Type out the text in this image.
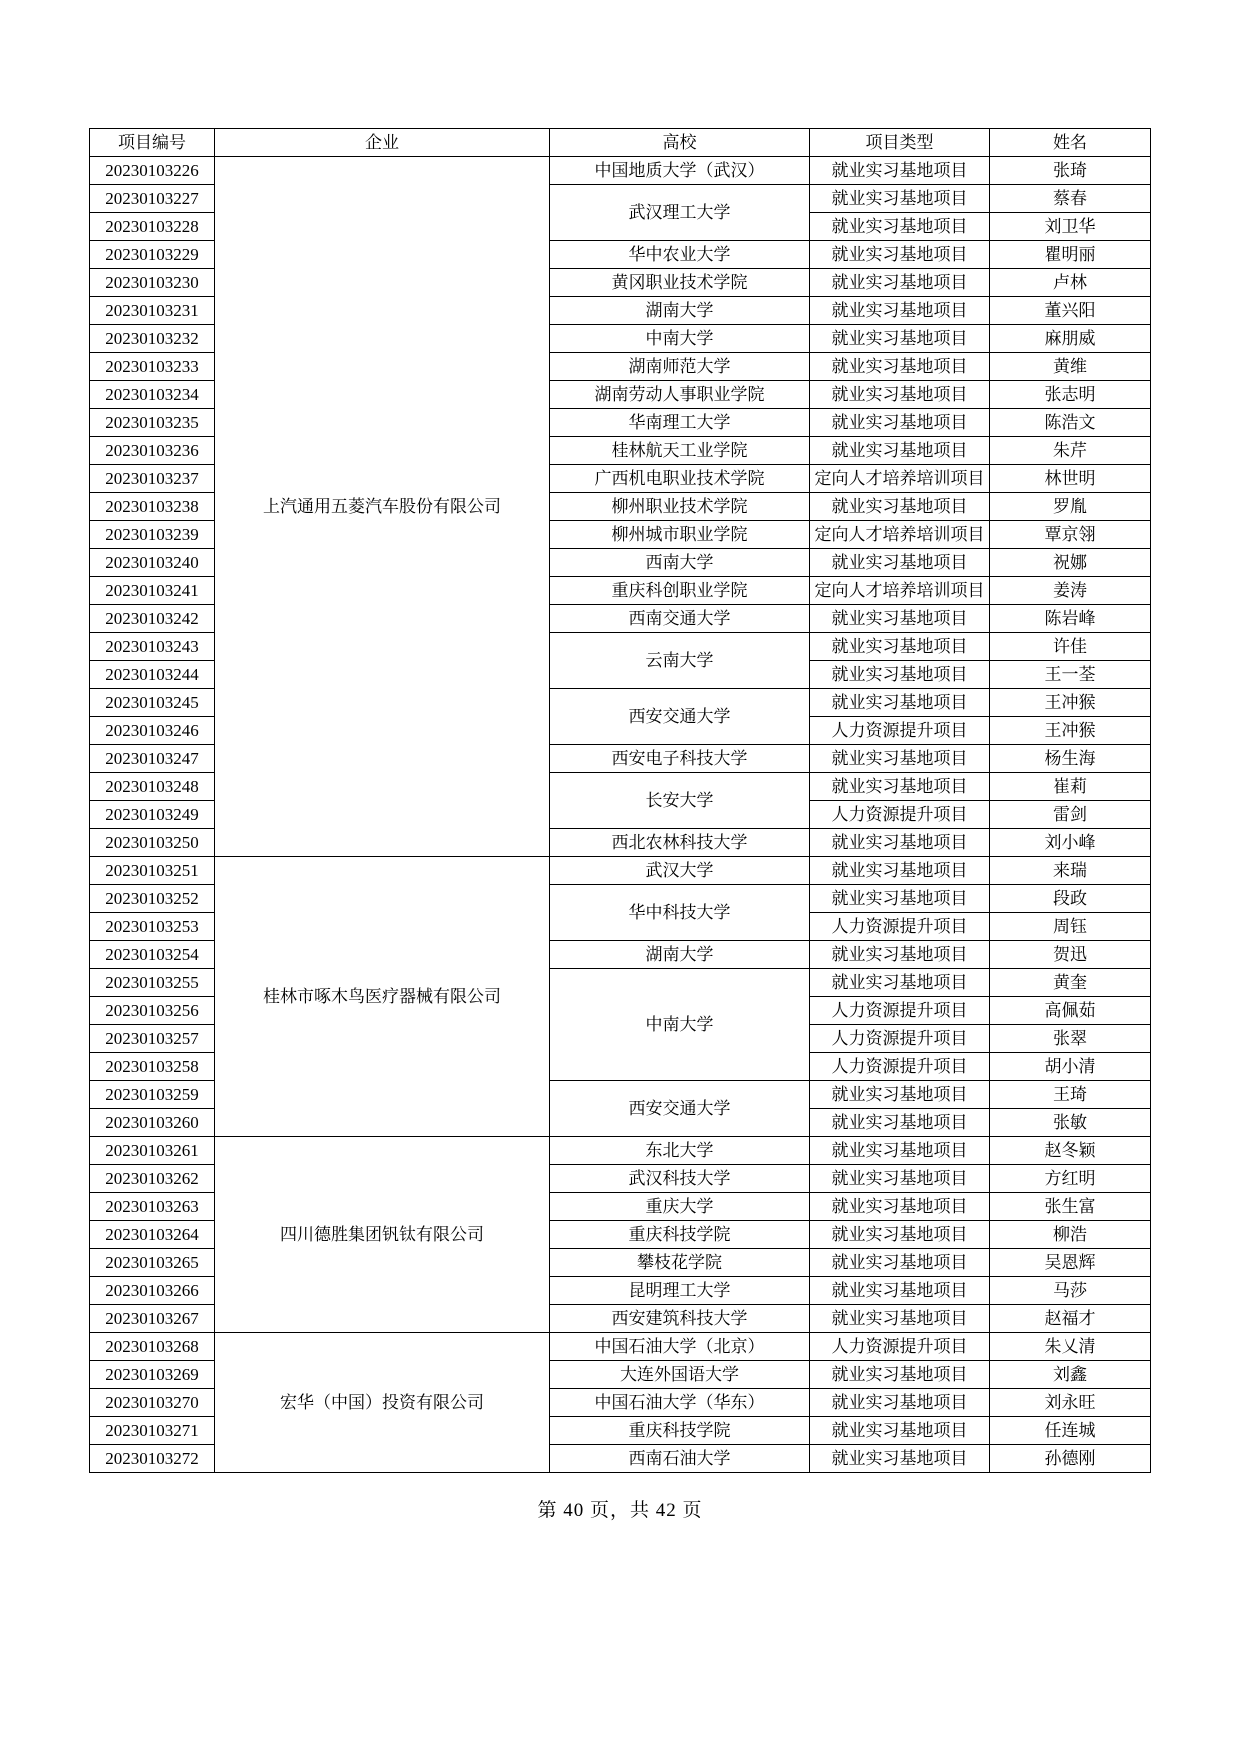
项目编号	企业	高校	项目类型	姓名
20230103226	上汽通用五菱汽车股份有限公司	中国地质大学（武汉）	就业实习基地项目	张琦
20230103227		武汉理工大学	就业实习基地项目	蔡春
20230103228			就业实习基地项目	刘卫华
20230103229		华中农业大学	就业实习基地项目	瞿明丽
20230103230		黄冈职业技术学院	就业实习基地项目	卢林
20230103231		湖南大学	就业实习基地项目	董兴阳
20230103232		中南大学	就业实习基地项目	麻朋威
20230103233		湖南师范大学	就业实习基地项目	黄维
20230103234		湖南劳动人事职业学院	就业实习基地项目	张志明
20230103235		华南理工大学	就业实习基地项目	陈浩文
20230103236		桂林航天工业学院	就业实习基地项目	朱芹
20230103237		广西机电职业技术学院	定向人才培养培训项目	林世明
20230103238		柳州职业技术学院	就业实习基地项目	罗胤
20230103239		柳州城市职业学院	定向人才培养培训项目	覃京翎
20230103240		西南大学	就业实习基地项目	祝娜
20230103241		重庆科创职业学院	定向人才培养培训项目	姜涛
20230103242		西南交通大学	就业实习基地项目	陈岩峰
20230103243		云南大学	就业实习基地项目	许佳
20230103244			就业实习基地项目	王一荃
20230103245		西安交通大学	就业实习基地项目	王冲猴
20230103246			人力资源提升项目	王冲猴
20230103247		西安电子科技大学	就业实习基地项目	杨生海
20230103248		长安大学	就业实习基地项目	崔莉
20230103249			人力资源提升项目	雷剑
20230103250		西北农林科技大学	就业实习基地项目	刘小峰
20230103251	桂林市啄木鸟医疗器械有限公司	武汉大学	就业实习基地项目	来瑞
20230103252		华中科技大学	就业实习基地项目	段政
20230103253			人力资源提升项目	周钰
20230103254		湖南大学	就业实习基地项目	贺迅
20230103255		中南大学	就业实习基地项目	黄奎
20230103256			人力资源提升项目	高佩茹
20230103257			人力资源提升项目	张翠
20230103258			人力资源提升项目	胡小清
20230103259		西安交通大学	就业实习基地项目	王琦
20230103260			就业实习基地项目	张敏
20230103261	四川德胜集团钒钛有限公司	东北大学	就业实习基地项目	赵冬颖
20230103262		武汉科技大学	就业实习基地项目	方红明
20230103263		重庆大学	就业实习基地项目	张生富
20230103264		重庆科技学院	就业实习基地项目	柳浩
20230103265		攀枝花学院	就业实习基地项目	吴恩辉
20230103266		昆明理工大学	就业实习基地项目	马莎
20230103267		西安建筑科技大学	就业实习基地项目	赵福才
20230103268	宏华（中国）投资有限公司	中国石油大学（北京）	人力资源提升项目	朱乂清
20230103269		大连外国语大学	就业实习基地项目	刘鑫
20230103270		中国石油大学（华东）	就业实习基地项目	刘永旺
20230103271		重庆科技学院	就业实习基地项目	任连城
20230103272		西南石油大学	就业实习基地项目	孙德刚
第 40 页，共 42 页
